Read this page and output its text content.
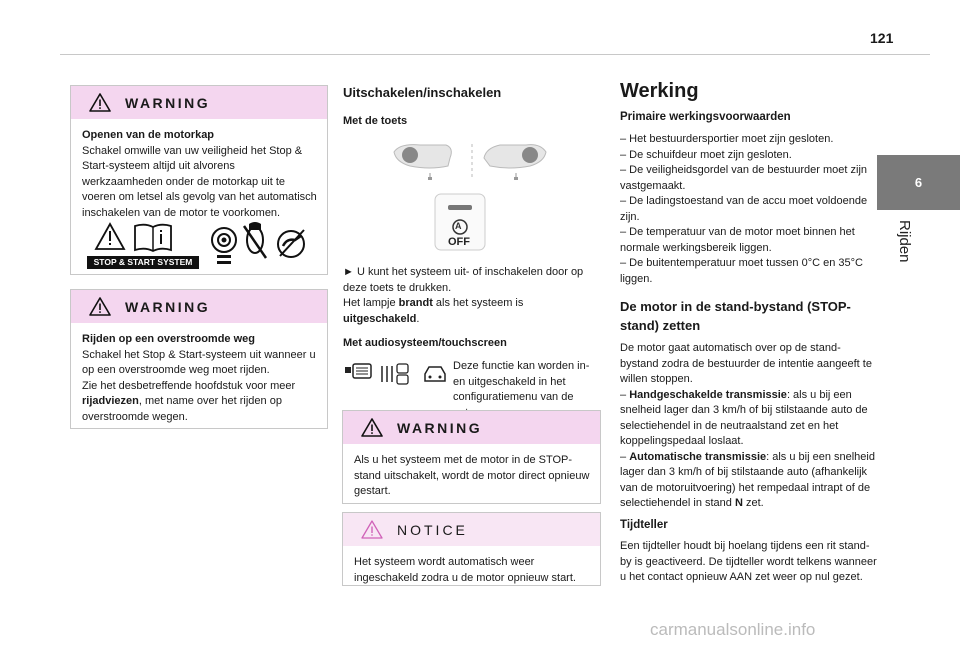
121
6
Rijden
WARNING
Openen van de motorkap
Schakel omwille van uw veiligheid het Stop & Start-systeem altijd uit alvorens werkzaamheden onder de motorkap uit te voeren om letsel als gevolg van het automatisch inschakelen van de motor te voorkomen.
STOP & START SYSTEM
WARNING
Rijden op een overstroomde weg
Schakel het Stop & Start-systeem uit wanneer u op een overstroomde weg moet rijden.
Zie het desbetreffende hoofdstuk voor meer rijadviezen, met name over het rijden op overstroomde wegen.
Uitschakelen/inschakelen
Met de toets
A
OFF
► U kunt het systeem uit- of inschakelen door op deze toets te drukken.
Het lampje brandt als het systeem is uitgeschakeld.
Met audiosysteem/touchscreen
Deze functie kan worden in- en uitgeschakeld in het configuratiemenu van de
WARNING
Als u het systeem met de motor in de STOP-stand uitschakelt, wordt de motor direct opnieuw gestart.
NOTICE
Het systeem wordt automatisch weer ingeschakeld zodra u de motor opnieuw start.
Werking
Primaire werkingsvoorwaarden
– Het bestuurdersportier moet zijn gesloten.
– De schuifdeur moet zijn gesloten.
– De veiligheidsgordel van de bestuurder moet zijn vastgemaakt.
– De ladingstoestand van de accu moet voldoende zijn.
– De temperatuur van de motor moet binnen het normale werkingsbereik liggen.
– De buitentemperatuur moet tussen 0°C en 35°C liggen.
De motor in de stand-bystand (STOP-stand) zetten
De motor gaat automatisch over op de stand-bystand zodra de bestuurder de intentie aangeeft te willen stoppen.
– Handgeschakelde transmissie: als u bij een snelheid lager dan 3 km/h of bij stilstaande auto de selectiehendel in de neutraalstand zet en het koppelingspedaal loslaat.
– Automatische transmissie: als u bij een snelheid lager dan 3 km/h of bij stilstaande auto (afhankelijk van de motoruitvoering) het rempedaal intrapt of de selectiehendel in stand N zet.
Tijdteller
Een tijdteller houdt bij hoelang tijdens een rit stand-by is geactiveerd. De tijdteller wordt telkens wanneer u het contact opnieuw AAN zet weer op nul gezet.
carmanualsonline.info
